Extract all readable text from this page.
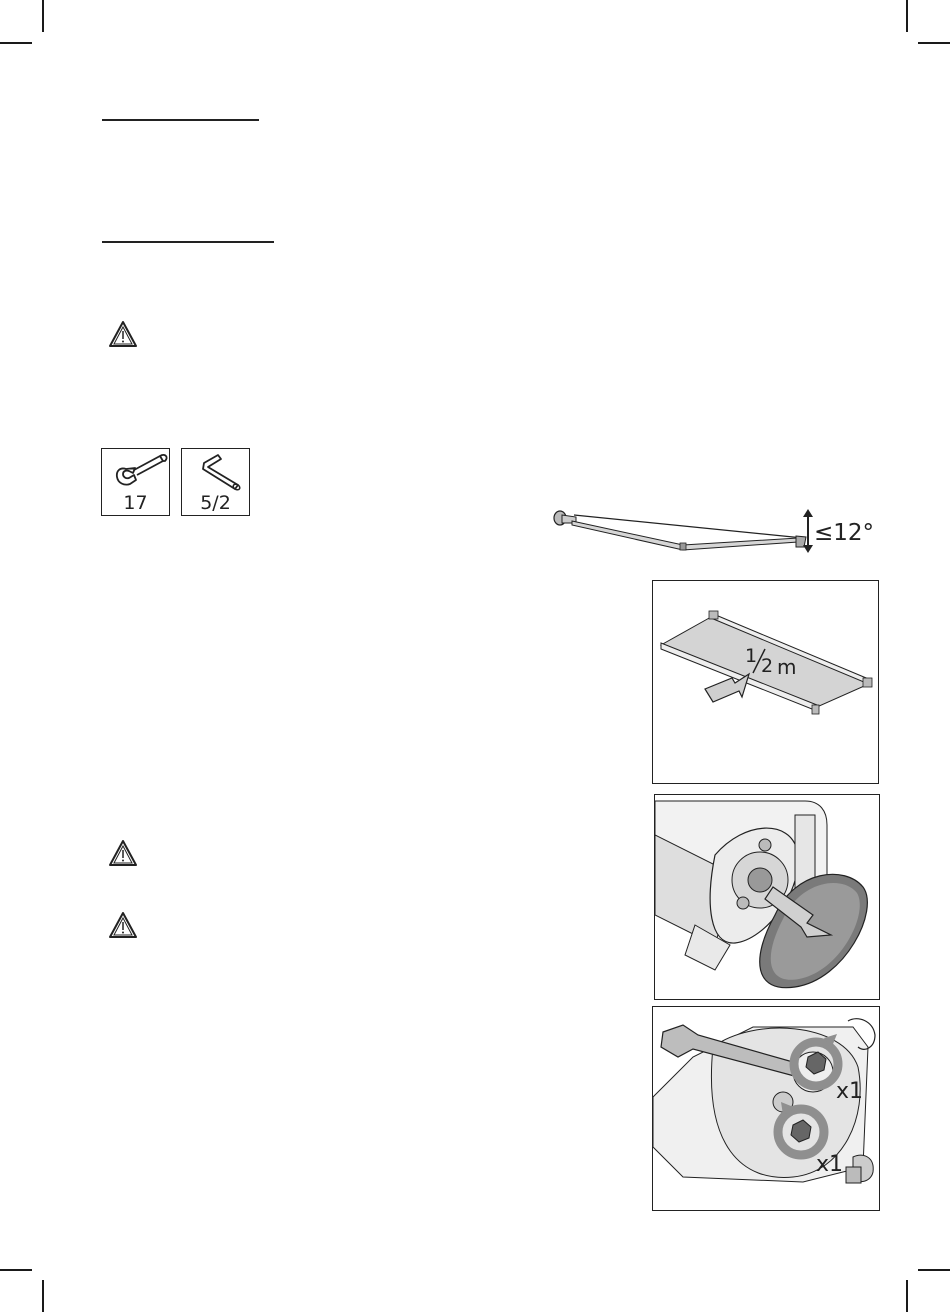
17	5/2
≤12°
1 2 m
x1
x1
